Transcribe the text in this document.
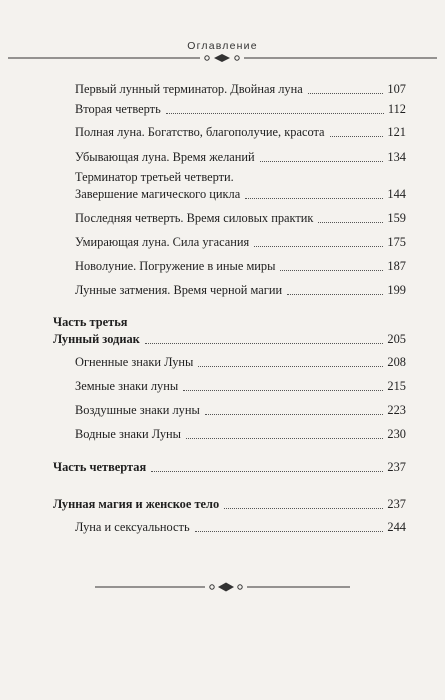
Оглавление
Первый лунный терминатор. Двойная луна	107
Вторая четверть	112
Полная луна. Богатство, благополучие, красота	121
Убывающая луна. Время желаний	134
Терминатор третьей четверти.
Завершение магического цикла	144
Последняя четверть. Время силовых практик	159
Умирающая луна. Сила угасания	175
Новолуние. Погружение в иные миры	187
Лунные затмения. Время черной магии	199
Часть третья
Лунный зодиак	205
Огненные знаки Луны	208
Земные знаки луны	215
Воздушные знаки луны	223
Водные знаки Луны	230
Часть четвертая	237
Лунная магия и женское тело	237
Луна и сексуальность	244
